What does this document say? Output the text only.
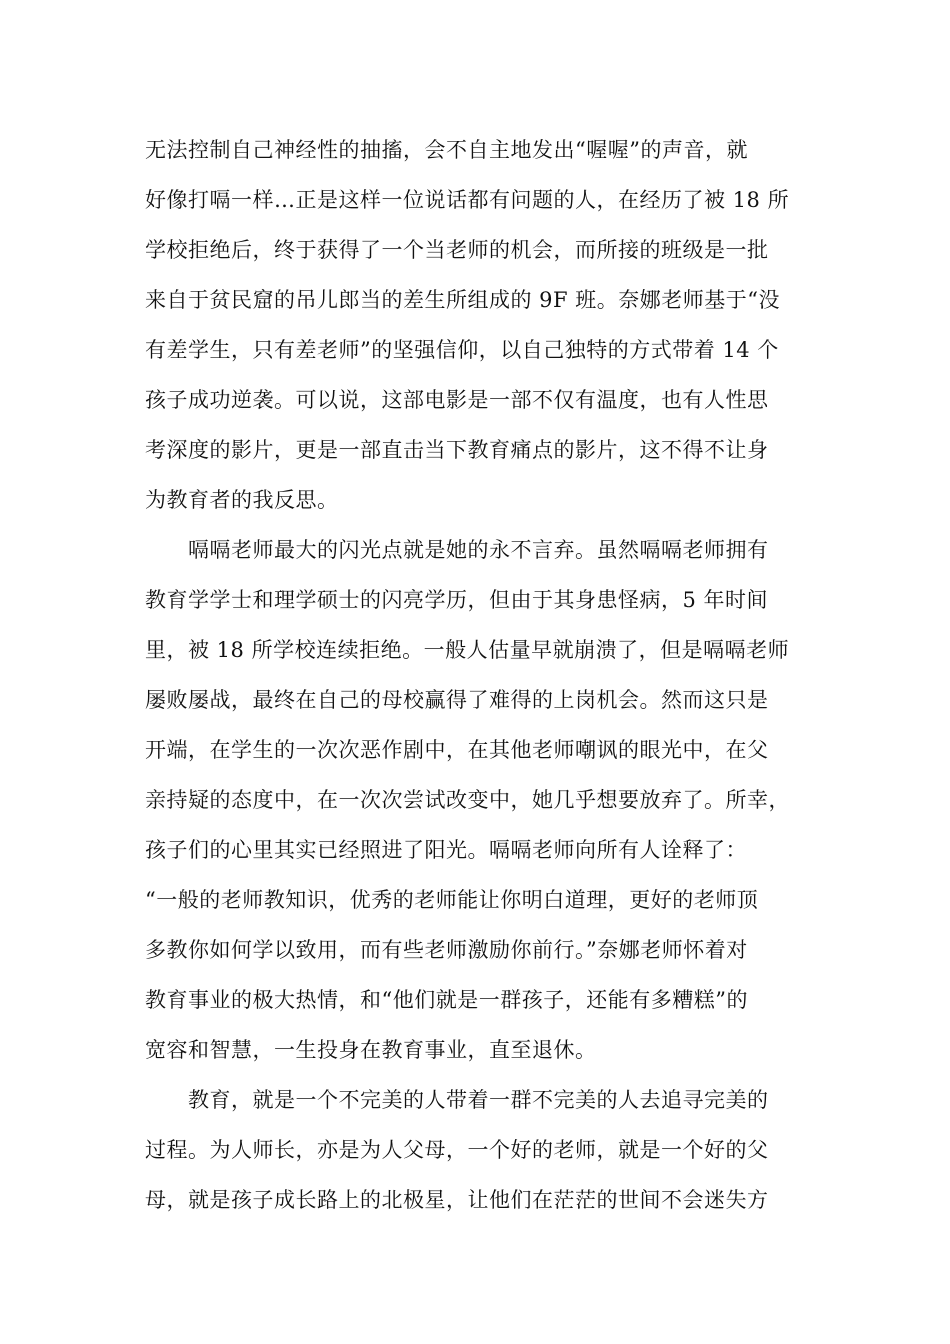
无法控制自己神经性的抽搐，会不自主地发出“喔喔”的声音，就
好像打嗝一样…正是这样一位说话都有问题的人，在经历了被 18 所
学校拒绝后，终于获得了一个当老师的机会，而所接的班级是一批
来自于贫民窟的吊儿郎当的差生所组成的 9F 班。奈娜老师基于“没
有差学生，只有差老师”的坚强信仰，以自己独特的方式带着 14 个
孩子成功逆袭。可以说，这部电影是一部不仅有温度，也有人性思
考深度的影片，更是一部直击当下教育痛点的影片，这不得不让身
为教育者的我反思。
　　嗝嗝老师最大的闪光点就是她的永不言弃。虽然嗝嗝老师拥有
教育学学士和理学硕士的闪亮学历，但由于其身患怪病，5 年时间
里，被 18 所学校连续拒绝。一般人估量早就崩溃了，但是嗝嗝老师
屡败屡战，最终在自己的母校赢得了难得的上岗机会。然而这只是
开端，在学生的一次次恶作剧中，在其他老师嘲讽的眼光中，在父
亲持疑的态度中，在一次次尝试改变中，她几乎想要放弃了。所幸，
孩子们的心里其实已经照进了阳光。嗝嗝老师向所有人诠释了：
“一般的老师教知识，优秀的老师能让你明白道理，更好的老师顶
多教你如何学以致用，而有些老师激励你前行。”奈娜老师怀着对
教育事业的极大热情，和“他们就是一群孩子，还能有多糟糕”的
宽容和智慧，一生投身在教育事业，直至退休。
　　教育，就是一个不完美的人带着一群不完美的人去追寻完美的
过程。为人师长，亦是为人父母，一个好的老师，就是一个好的父
母，就是孩子成长路上的北极星，让他们在茫茫的世间不会迷失方
